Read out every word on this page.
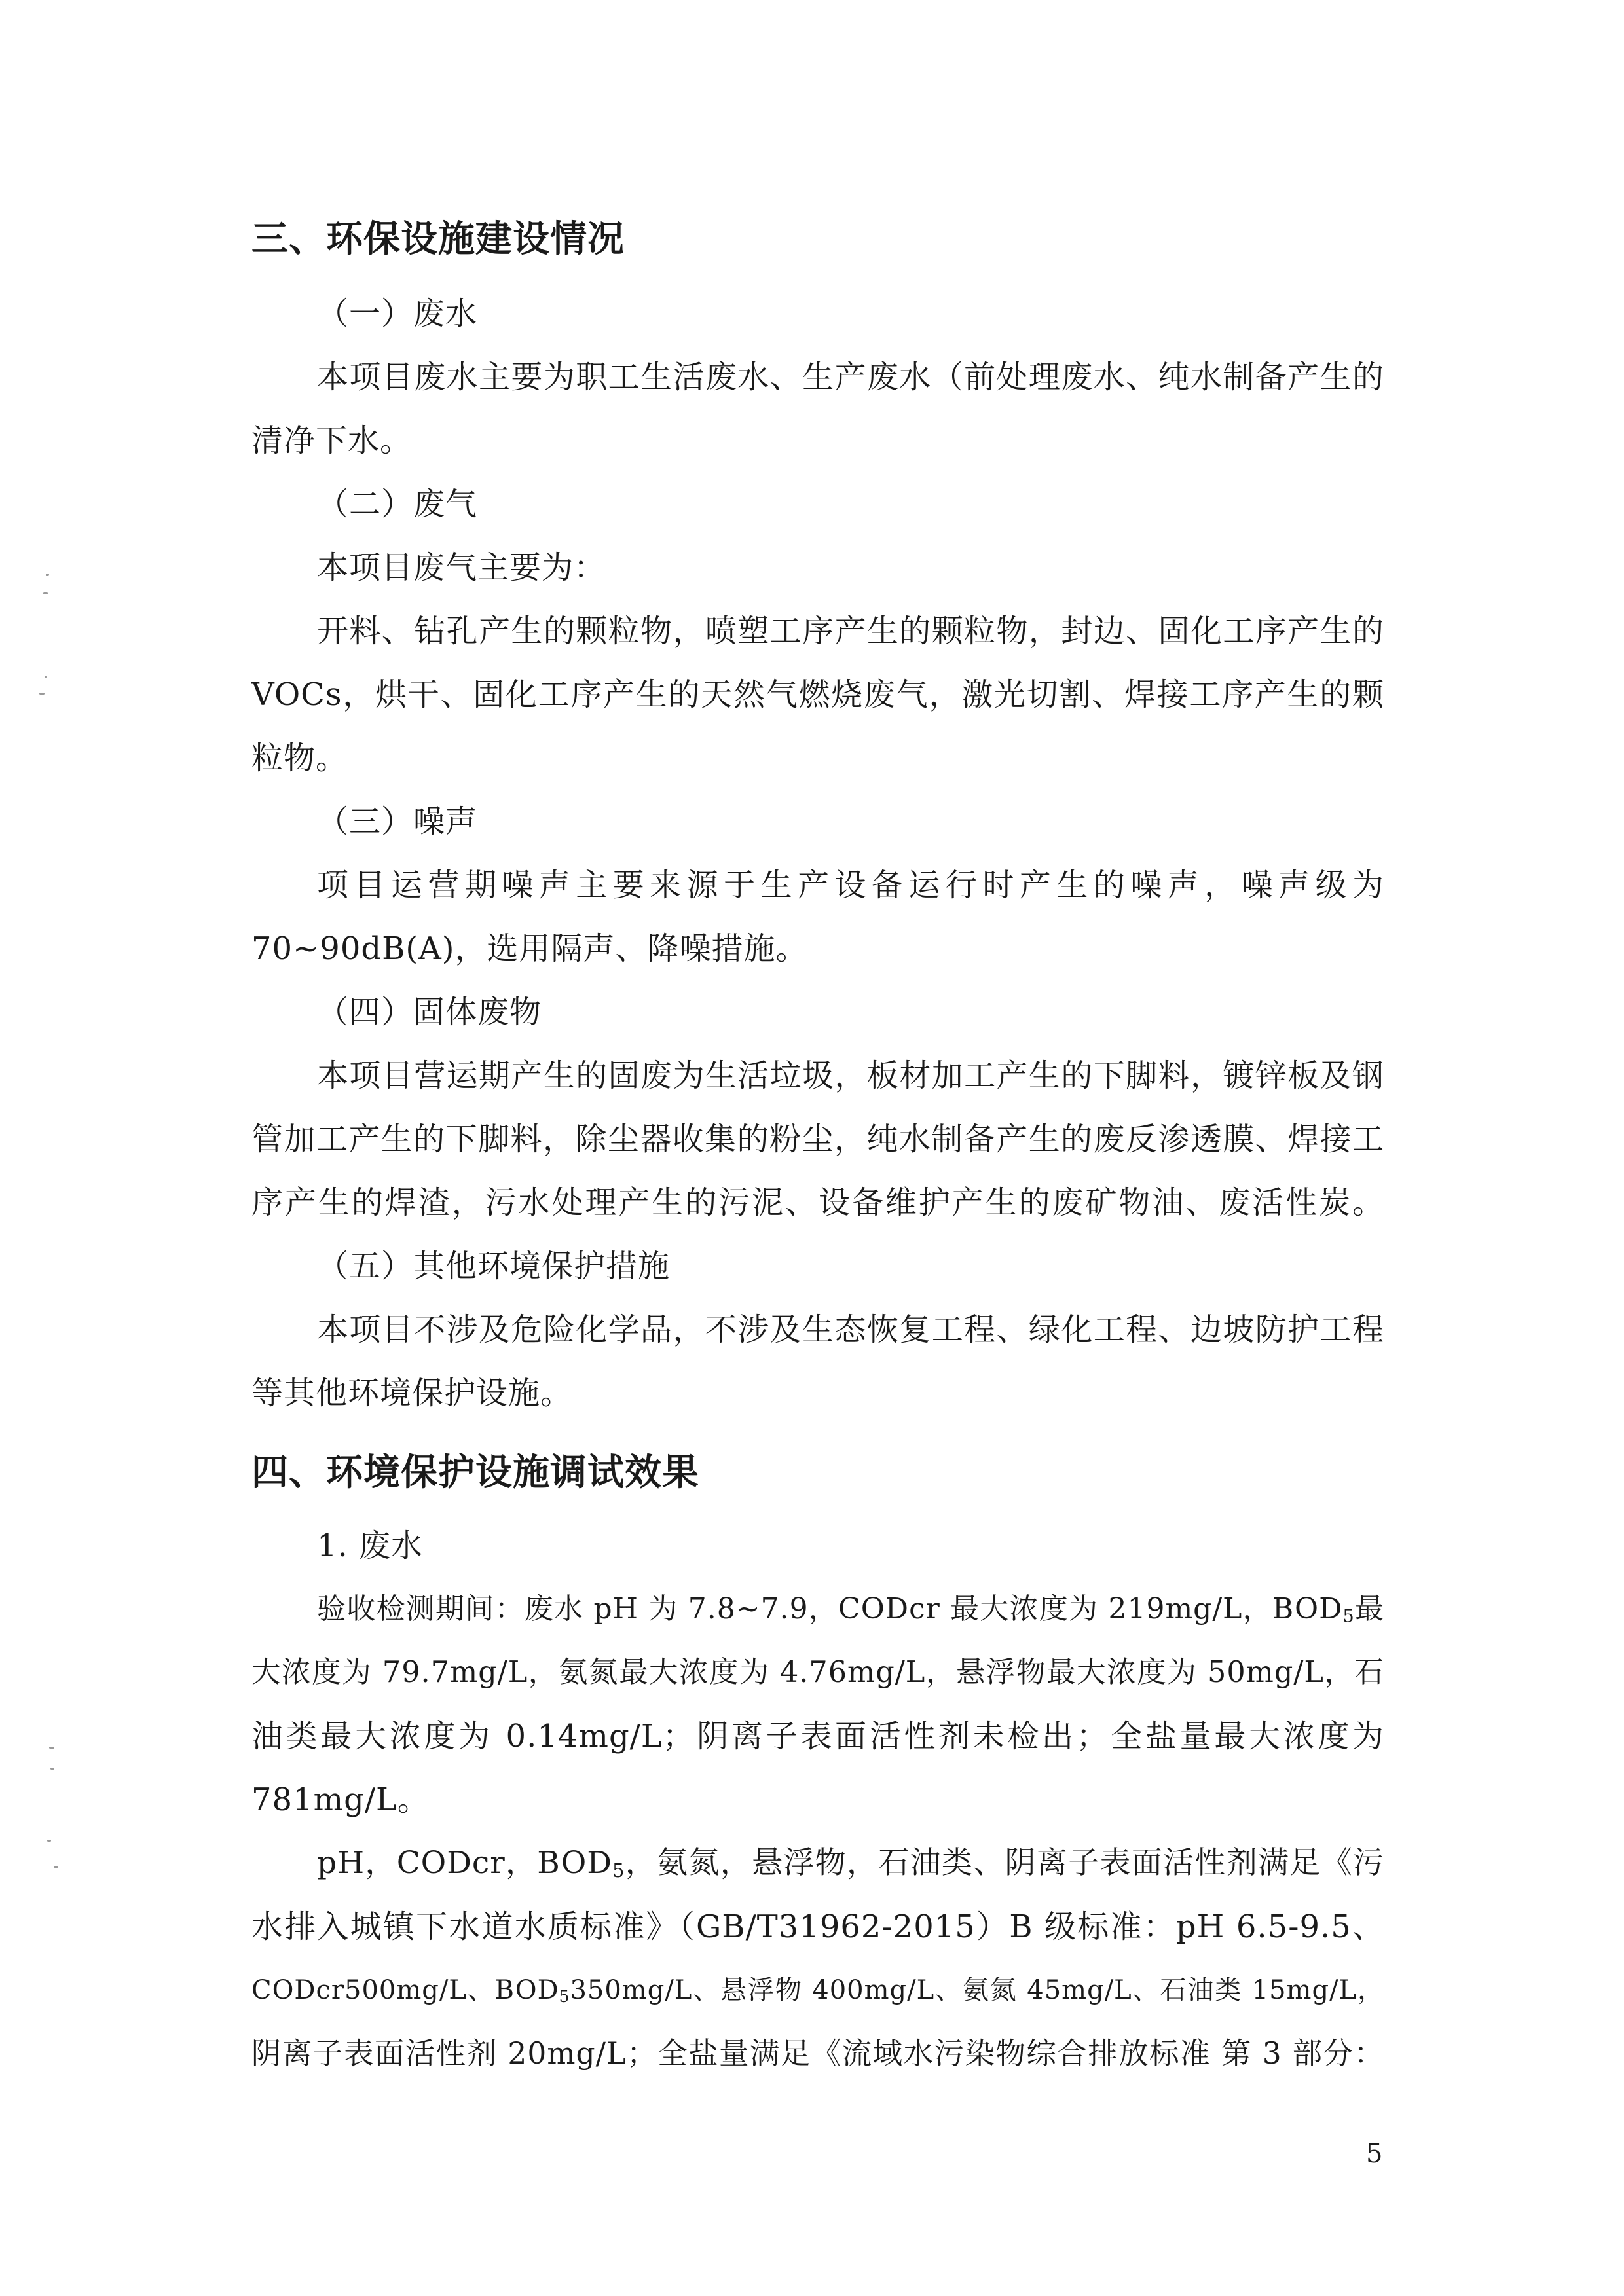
三、环保设施建设情况
（一）废水
本项目废水主要为职工生活废水、生产废水（前处理废水、纯水制备产生的
清净下水。
（二）废气
本项目废气主要为：
开料、钻孔产生的颗粒物，喷塑工序产生的颗粒物，封边、固化工序产生的
VOCs，烘干、固化工序产生的天然气燃烧废气，激光切割、焊接工序产生的颗
粒物。
（三）噪声
项目运营期噪声主要来源于生产设备运行时产生的噪声，噪声级为
70~90dB(A)，选用隔声、降噪措施。
（四）固体废物
本项目营运期产生的固废为生活垃圾，板材加工产生的下脚料，镀锌板及钢
管加工产生的下脚料，除尘器收集的粉尘，纯水制备产生的废反渗透膜、焊接工
序产生的焊渣，污水处理产生的污泥、设备维护产生的废矿物油、废活性炭。
（五）其他环境保护措施
本项目不涉及危险化学品，不涉及生态恢复工程、绿化工程、边坡防护工程
等其他环境保护设施。
四、环境保护设施调试效果
1. 废水
验收检测期间：废水 pH 为 7.8~7.9，CODcr 最大浓度为 219mg/L，$BOD_5$最
大浓度为 79.7mg/L，氨氮最大浓度为 4.76mg/L，悬浮物最大浓度为 50mg/L，石
油类最大浓度为 0.14mg/L；阴离子表面活性剂未检出；全盐量最大浓度为
781mg/L。
pH，CODcr，$BOD_5$，氨氮，悬浮物，石油类、阴离子表面活性剂满足《污
水排入城镇下水道水质标准》（GB/T31962-2015）B 级标准：pH 6.5-9.5、
CODcr500mg/L、$BOD_5350mg/L$、悬浮物 400mg/L、氨氮 45mg/L、石油类 15mg/L，
阴离子表面活性剂 20mg/L；全盐量满足《流域水污染物综合排放标准 第 3 部分：
5
